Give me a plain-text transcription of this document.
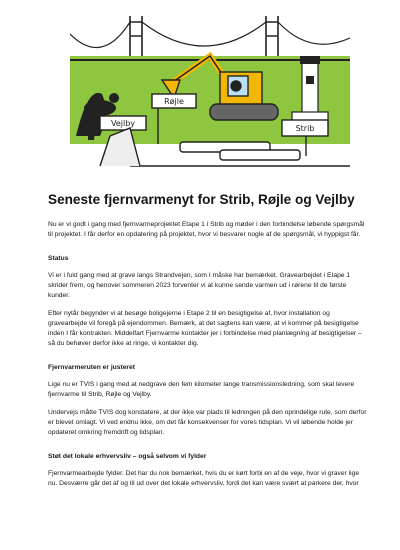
Røjle
Vejlby
Strib
Seneste fjernvarmenyt for Strib, Røjle og Vejlby

Nu er vi godt i gang med fjernvarmeprojektet Etape 1 i Strib og møder i den forbindelse løbende spørgsmål til projektet. I får derfor en opdatering på projektet, hvor vi besvarer nogle af de spørgsmål, vi hyppigst får.

Status

Vi er i fuld gang med at grave langs Strandvejen, som I måske har bemærket. Gravearbejdet i Etape 1 skrider frem, og henover sommeren 2023 forventer vi at kunne sende varmen ud i rørene til de første kunder.

Efter nytår begynder vi at besøge boligejerne i Etape 2 til en besigtigelse af, hvor installation og gravearbejde vil foregå på ejendommen. Bemærk, at det sagtens kan være, at vi kommer på besigtigelse inden I får kontrakten. Middelfart Fjernvarme kontakter jer i forbindelse med planlægning af besigtigelser – så du behøver derfor ikke at ringe, vi kontakter dig.

Fjernvarmeruten er justeret

Lige nu er TVIS i gang med at nedgrave den fem kilometer lange transmissionsledning, som skal levere fjernvarme til Strib, Røjle og Vejlby.

Undervejs måtte TVIS dog konstatere, at der ikke var plads til ledningen på den oprindelige rute, som derfor er blevet omlagt. Vi ved endnu ikke, om det får konsekvenser for vores tidsplan. Vi vil løbende holde jer opdateret omkring fremdrift og tidsplan.

Støt det lokale erhvervsliv – også selvom vi fylder

Fjernvarmearbejde fylder. Det har du nok bemærket, hvis du er kørt forbi en af de veje, hvor vi graver lige nu. Desværre går det af og til ud over det lokale erhvervsliv, fordi det kan være svært at parkere der, hvor
